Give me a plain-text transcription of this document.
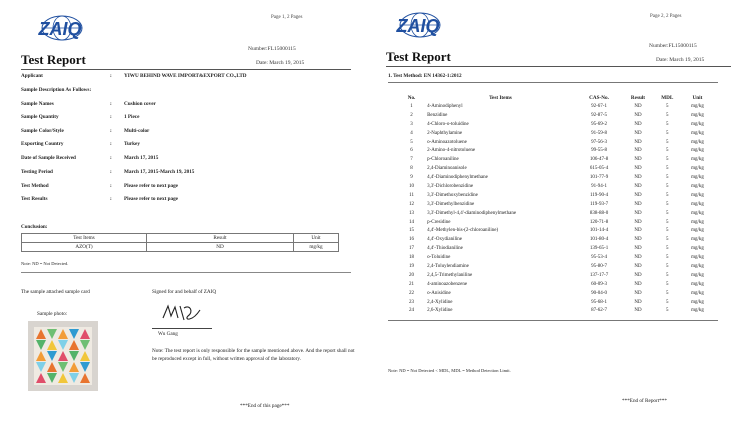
Page 1, 2 Pages
ZAIQ
Number:FL15000115
Test Report	Date: March 19, 2015
Applicant	: YIWU BEHIND WAVE IMPORT&EXPORT CO.,LTD
Sample Description As Follows:
Sample Names	: Cushion cover
Sample Quantity	: 1 Piece
Sample Color/Style	: Multi-color
Exporting Country	: Turkey
Date of Sample Received	: March 17, 2015
Testing Period	: March 17, 2015-March 19, 2015
Test Method	: Please refer to next page
Test Results	: Please refer to next page
Conclusion:
Test Items	Result	Unit
AZO(T)	ND	mg/kg
Note: ND = Not Detected.
The sample attached sample card
Sample photo:
Signed for and behalf of ZAIQ
Wu Gang
Note: The test report is only responsible for the sample mentioned above. And the report shall not be reproduced except in full, without written approval of the laboratory.
***End of this page***
Page 2, 2 Pages
ZAIQ
Number:FL15000115
Test Report	Date: March 19, 2015
1. Test Method: EN 14362-1:2012
No.	Test Items	CAS-No.	Result	MDL	Unit
1	4-Aminodiphenyl	92-67-1	ND	5	mg/kg
2	Benzidine	92-87-5	ND	5	mg/kg
3	4-Chloro-o-toluidine	95-69-2	ND	5	mg/kg
4	2-Naphthylamine	91-59-8	ND	5	mg/kg
5	o-Aminoazotoluene	97-56-3	ND	5	mg/kg
6	2-Amino-4-nitrotoluene	99-55-8	ND	5	mg/kg
7	p-Chloroaniline	106-47-8	ND	5	mg/kg
8	2,4-Diaminoanisole	615-05-4	ND	5	mg/kg
9	4,4'-Diaminodiphenylmethane	101-77-9	ND	5	mg/kg
10	3,3'-Dichlorobenzidine	91-94-1	ND	5	mg/kg
11	3,3'-Dimethoxybenzidine	119-90-4	ND	5	mg/kg
12	3,3'-Dimethylbenzidine	119-93-7	ND	5	mg/kg
13	3,3'-Dimethyl-4,4'-diaminodiphenylmethane	838-88-0	ND	5	mg/kg
14	p-Cresidine	120-71-8	ND	5	mg/kg
15	4,4'-Methylen-bis-(2-chloroaniline)	101-14-4	ND	5	mg/kg
16	4,4'-Oxydianiline	101-80-4	ND	5	mg/kg
17	4,4'-Thiodianiline	139-65-1	ND	5	mg/kg
18	o-Toluidine	95-53-4	ND	5	mg/kg
19	2,4-Toluylendiamine	95-80-7	ND	5	mg/kg
20	2,4,5-Trimethylaniline	137-17-7	ND	5	mg/kg
21	4-aminoazobenzene	60-09-3	ND	5	mg/kg
22	o-Anisidine	90-04-0	ND	5	mg/kg
23	2,4-Xylidine	95-68-1	ND	5	mg/kg
24	2,6-Xylidine	87-62-7	ND	5	mg/kg
Note: ND = Not Detected < MDL, MDL = Method Detection Limit.
***End of Report***
